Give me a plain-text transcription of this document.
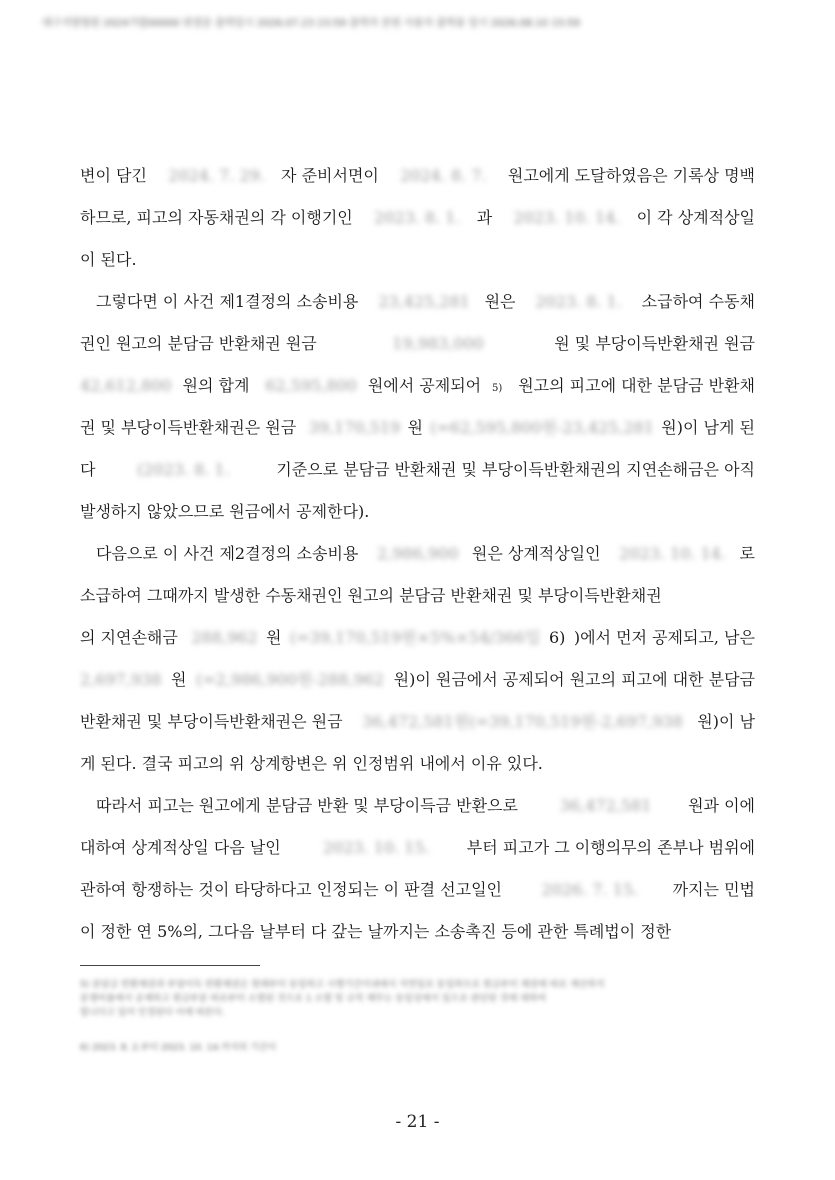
대구지방법원 2024가합00000 판결문 출력일시 2026.07.23 23:59 출력자 본원 사용자 출력용 일시 2026.08.10 15:59
변이 담긴 2024. 7. 29. 자 준비서면이 2024. 8. 7. 원고에게 도달하였음은 기록상 명백
하므로, 피고의 자동채권의 각 이행기인 2023. 8. 1. 과 2023. 10. 14. 이 각 상계적상일
이 된다.
그렇다면 이 사건 제1결정의 소송비용 23,425,281 원은 2023. 8. 1. 소급하여 수동채
권인 원고의 분담금 반환채권 원금	19,983,000	원 및 부당이득반환채권 원금
42,612,800 원의 합계 62,595,800 원에서 공제되어 5) 원고의 피고에 대한 분담금 반환채
권 및 부당이득반환채권은 원금 39,170,519 원 (=62,595,800원-23,425,281 원)이 남게 된
다	(2023. 8. 1.	기준으로 분담금 반환채권 및 부당이득반환채권의 지연손해금은 아직
발생하지 않았으므로 원금에서 공제한다).
다음으로 이 사건 제2결정의 소송비용 2,986,900 원은 상계적상일인 2023. 10. 14. 로
소급하여 그때까지 발생한 수동채권인 원고의 분담금 반환채권 및 부당이득반환채권
의 지연손해금 288,962 원 (=39,170,519원×5%×54/366일 6) )에서 먼저 공제되고, 남은
2,697,938 원 (=2,986,900원-288,962 원)이 원금에서 공제되어 원고의 피고에 대한 분담금
반환채권 및 부당이득반환채권은 원금 36,472,581원(=39,170,519원-2,697,938 원)이 남
게 된다. 결국 피고의 위 상계항변은 위 인정범위 내에서 이유 있다.
따라서 피고는 원고에게 분담금 반환 및 부당이득금 반환으로 36,472,581 원과 이에
대하여 상계적상일 다음 날인 2023. 10. 15. 부터 피고가 그 이행의무의 존부나 범위에
관하여 항쟁하는 것이 타당하다고 인정되는 이 판결 선고일인 2026. 7. 15. 까지는 민법
이 정한 연 5%의, 그다음 날부터 다 갚는 날까지는 소송촉진 등에 관한 특례법이 정한
5) 분담금 반환채권과 부당이득 반환채권은 원래부터 동일하고 시행기간이내에서 지연일로 동일하므로 원금부터 채권에 따로 계산하지
분쟁비율에서 공제하고 원금부분 따로부터 소멸된 것으로 1 소멸 및 규칙 채무는 동일성에서 있으로 판단된 것에 대하여
합니다고 있어 인정된다 이에 따른다.
6) 2023. 8. 2.부터 2023. 10. 14.까지의 기간이
- 21 -
